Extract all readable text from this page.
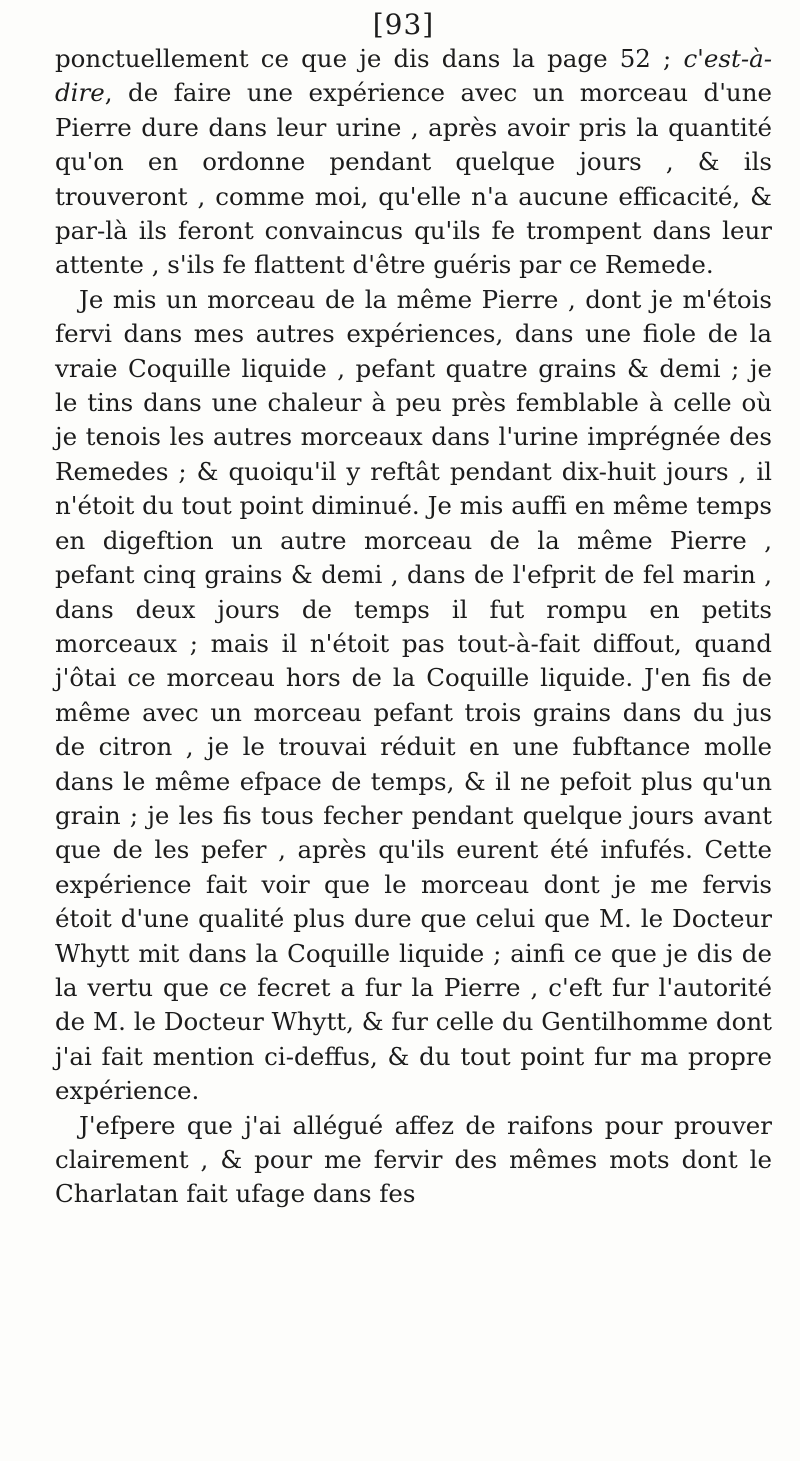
[93]

ponctuellement ce que je dis dans la page 52 ; c'est-à-dire, de faire une expérience avec un morceau d'une Pierre dure dans leur urine , après avoir pris la quantité qu'on en ordonne pendant quelque jours , & ils trouveront , comme moi, qu'elle n'a aucune efficacité, & par-là ils feront convaincus qu'ils fe trompent dans leur attente , s'ils fe flattent d'être guéris par ce Remede.

Je mis un morceau de la même Pierre , dont je m'étois fervi dans mes autres expériences, dans une fiole de la vraie Coquille liquide , pefant quatre grains & demi ; je le tins dans une chaleur à peu près femblable à celle où je tenois les autres morceaux dans l'urine imprégnée des Remedes ; & quoiqu'il y reftât pendant dix-huit jours , il n'étoit du tout point diminué. Je mis auffi en même temps en digeftion un autre morceau de la même Pierre , pefant cinq grains & demi , dans de l'efprit de fel marin , dans deux jours de temps il fut rompu en petits morceaux ; mais il n'étoit pas tout-à-fait diffout, quand j'ôtai ce morceau hors de la Coquille liquide. J'en fis de même avec un morceau pefant trois grains dans du jus de citron , je le trouvai réduit en une fubftance molle dans le même efpace de temps, & il ne pefoit plus qu'un grain ; je les fis tous fecher pendant quelque jours avant que de les pefer , après qu'ils eurent été infufés. Cette expérience fait voir que le morceau dont je me fervis étoit d'une qualité plus dure que celui que M. le Docteur Whytt mit dans la Coquille liquide ; ainfi ce que je dis de la vertu que ce fecret a fur la Pierre , c'eft fur l'autorité de M. le Docteur Whytt, & fur celle du Gentilhomme dont j'ai fait mention ci-deffus, & du tout point fur ma propre expérience.

J'efpere que j'ai allégué affez de raifons pour prouver clairement , & pour me fervir des mêmes mots dont le Charlatan fait ufage dans fes
